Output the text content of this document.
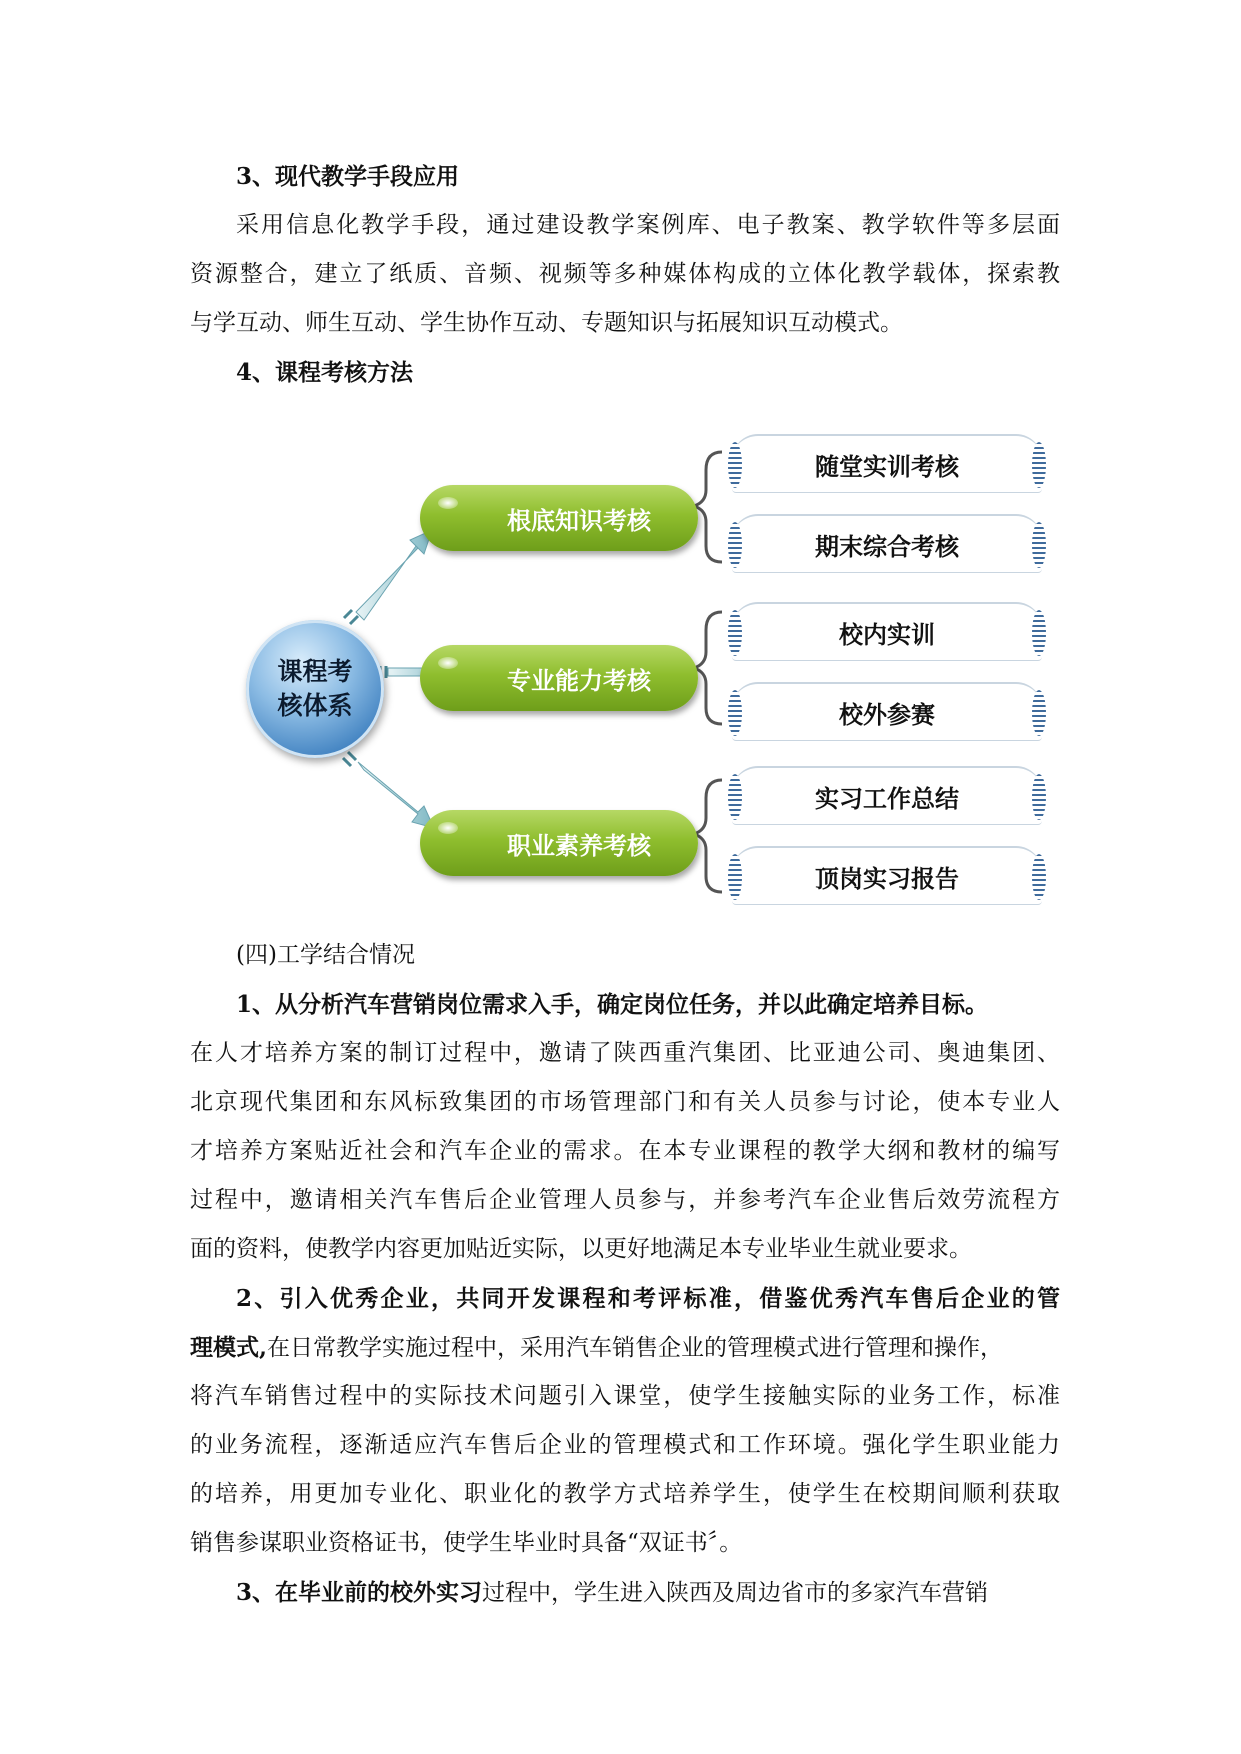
3、现代教学手段应用
采用信息化教学手段，通过建设教学案例库、电子教案、教学软件等多层面
资源整合，建立了纸质、音频、视频等多种媒体构成的立体化教学载体，探索教
与学互动、师生互动、学生协作互动、专题知识与拓展知识互动模式。
4、课程考核方法
课程考核体系
根底知识考核
专业能力考核
职业素养考核
随堂实训考核
期末综合考核
校内实训
校外参赛
实习工作总结
顶岗实习报告
(四)工学结合情况
1、从分析汽车营销岗位需求入手，确定岗位任务，并以此确定培养目标。
在人才培养方案的制订过程中，邀请了陕西重汽集团、比亚迪公司、奥迪集团、
北京现代集团和东风标致集团的市场管理部门和有关人员参与讨论，使本专业人
才培养方案贴近社会和汽车企业的需求。在本专业课程的教学大纲和教材的编写
过程中，邀请相关汽车售后企业管理人员参与，并参考汽车企业售后效劳流程方
面的资料，使教学内容更加贴近实际，以更好地满足本专业毕业生就业要求。
2、引入优秀企业，共同开发课程和考评标准，借鉴优秀汽车售后企业的管
理模式,在日常教学实施过程中，采用汽车销售企业的管理模式进行管理和操作，
将汽车销售过程中的实际技术问题引入课堂，使学生接触实际的业务工作，标准
的业务流程，逐渐适应汽车售后企业的管理模式和工作环境。强化学生职业能力
的培养，用更加专业化、职业化的教学方式培养学生，使学生在校期间顺利获取
销售参谋职业资格证书，使学生毕业时具备“双证书〞。
3、在毕业前的校外实习过程中，学生进入陕西及周边省市的多家汽车营销
